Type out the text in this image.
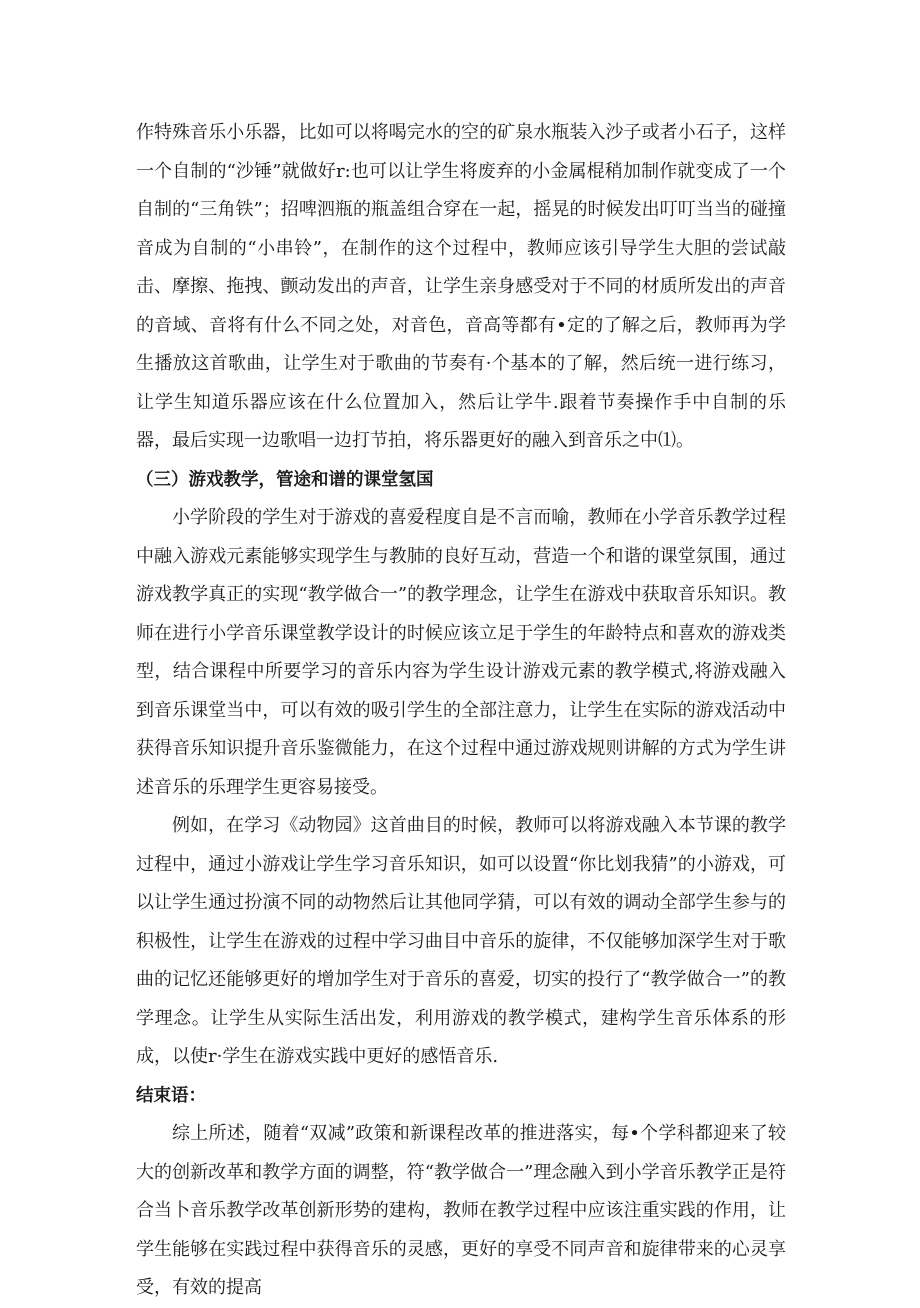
作特殊音乐小乐器，比如可以将喝完水的空的矿泉水瓶装入沙子或者小石子，这样一个自制的“沙锤”就做好r:也可以让学生将废弃的小金属棍稍加制作就变成了一个自制的“三角铁”；招啤泗瓶的瓶盖组合穿在一起，摇晃的时候发出叮叮当当的碰撞音成为自制的“小串铃”，在制作的这个过程中，教师应该引导学生大胆的尝试敲击、摩擦、拖拽、颤动发出的声音，让学生亲身感受对于不同的材质所发出的声音的音域、音将有什么不同之处，对音色，音高等都有•定的了解之后，教师再为学生播放这首歌曲，让学生对于歌曲的节奏有·个基本的了解，然后统一进行练习，让学生知道乐器应该在什么位置加入，然后让学牛.跟着节奏操作手中自制的乐器，最后实现一边歌唱一边打节拍，将乐器更好的融入到音乐之中⑴。

（三）游戏教学，管途和谱的课堂氢国

小学阶段的学生对于游戏的喜爱程度自是不言而喻，教师在小学音乐教学过程中融入游戏元素能够实现学生与教肺的良好互动，营造一个和谐的课堂氛围，通过游戏教学真正的实现“教学做合一”的教学理念，让学生在游戏中获取音乐知识。教师在进行小学音乐课堂教学设计的时候应该立足于学生的年龄特点和喜欢的游戏类型，结合课程中所要学习的音乐内容为学生设计游戏元素的教学模式,将游戏融入到音乐课堂当中，可以有效的吸引学生的全部注意力，让学生在实际的游戏活动中获得音乐知识提升音乐鉴微能力，在这个过程中通过游戏规则讲解的方式为学生讲述音乐的乐理学生更容易接受。

例如，在学习《动物园》这首曲目的时候，教师可以将游戏融入本节课的教学过程中，通过小游戏让学生学习音乐知识，如可以设置“你比划我猜”的小游戏，可以让学生通过扮演不同的动物然后让其他同学猜，可以有效的调动全部学生参与的积极性，让学生在游戏的过程中学习曲目中音乐的旋律，不仅能够加深学生对于歌曲的记忆还能够更好的增加学生对于音乐的喜爱，切实的投行了“教学做合一”的教学理念。让学生从实际生活出发，利用游戏的教学模式，建构学生音乐体系的形成，以使r·学生在游戏实践中更好的感悟音乐.

结束语：

综上所述，随着“双减”政策和新课程改革的推进落实，每•个学科都迎来了较大的创新改革和教学方面的调整，符“教学做合一”理念融入到小学音乐教学正是符合当卜音乐教学改革创新形势的建构，教师在教学过程中应该注重实践的作用，让学生能够在实践过程中获得音乐的灵感，更好的享受不同声音和旋律带来的心灵享受，有效的提高
